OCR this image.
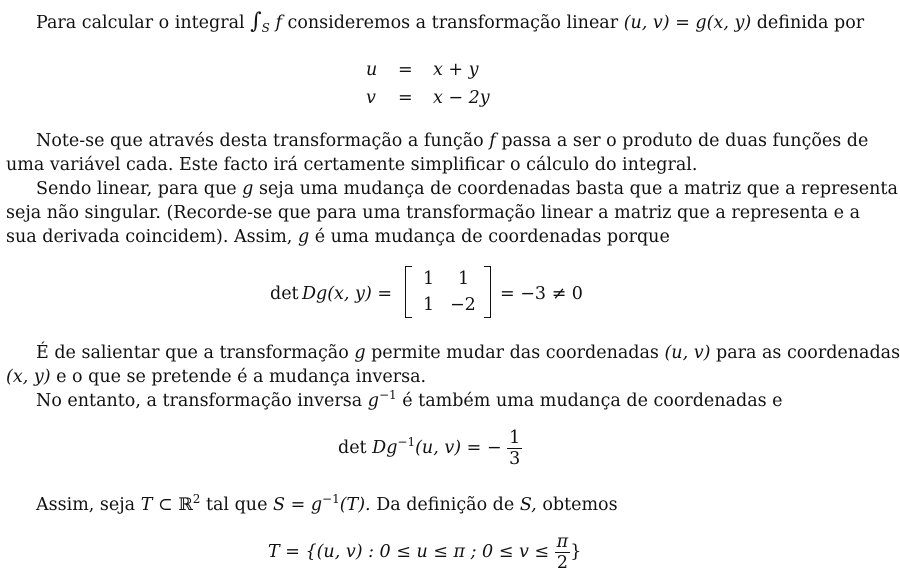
Para calcular o integral $\int_S$ f consideremos a transformação linear (u, v) = g(x, y) definida por
u = x + y
v = x − 2y
Note-se que através desta transformação a função f passa a ser o produto de duas funções de
uma variável cada. Este facto irá certamente simplificar o cálculo do integral.
Sendo linear, para que g seja uma mudança de coordenadas basta que a matriz que a representa
seja não singular. (Recorde-se que para uma transformação linear a matriz que a representa e a
sua derivada coincidem). Assim, g é uma mudança de coordenadas porque
det Dg(x, y) =
1 1
1 −2
= −3 ≠ 0
É de salientar que a transformação g permite mudar das coordenadas (u, v) para as coordenadas
(x, y) e o que se pretende é a mudança inversa.
No entanto, a transformação inversa $g^{-1}$ é também uma mudança de coordenadas e
$\det Dg^{-1}(u$, v) = − $\frac{1}{3}$
Assim, seja T ⊂ ℝ$^2$ tal que $S = g^{-1}(T)$. Da definição de S, obtemos
T = {(u, v) : 0 ≤ u ≤ π ; $0 \le v \le \frac{\pi}{2}$ }
